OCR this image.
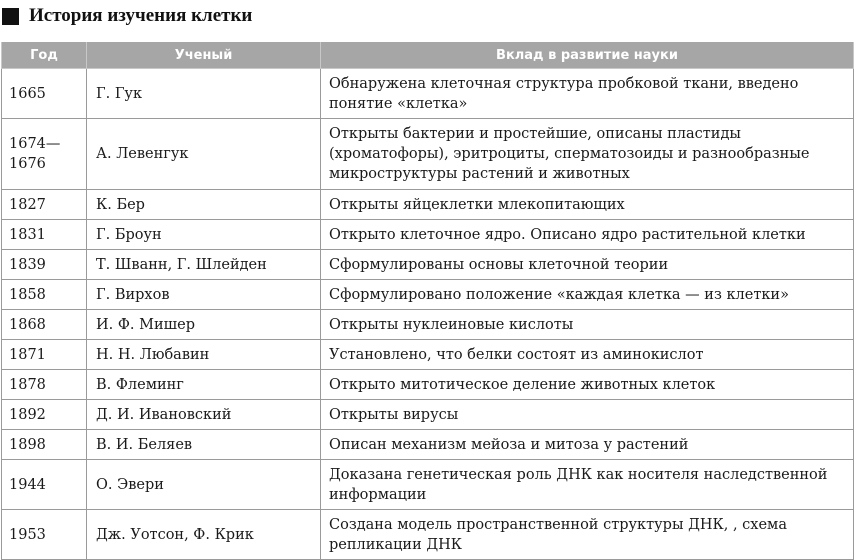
История изучения клетки
Год	Ученый	Вклад в развитие науки
1665	Г. Гук	Обнаружена клеточная структура пробковой ткани, введено понятие «клетка»
1674—1676	А. Левенгук	Открыты бактерии и простейшие, описаны пластиды (хроматофоры), эритроциты, сперматозоиды и разнообразные микроструктуры растений и животных
1827	К. Бер	Открыты яйцеклетки млекопитающих
1831	Г. Броун	Открыто клеточное ядро. Описано ядро растительной клетки
1839	Т. Шванн, Г. Шлейден	Сформулированы основы клеточной теории
1858	Г. Вирхов	Сформулировано положение «каждая клетка — из клетки»
1868	И. Ф. Мишер	Открыты нуклеиновые кислоты
1871	Н. Н. Любавин	Установлено, что белки состоят из аминокислот
1878	В. Флеминг	Открыто митотическое деление животных клеток
1892	Д. И. Ивановский	Открыты вирусы
1898	В. И. Беляев	Описан механизм мейоза и митоза у растений
1944	О. Эвери	Доказана генетическая роль ДНК как носителя наследственной информации
1953	Дж. Уотсон, Ф. Крик	Создана модель пространственной структуры ДНК, , схема репликации ДНК
